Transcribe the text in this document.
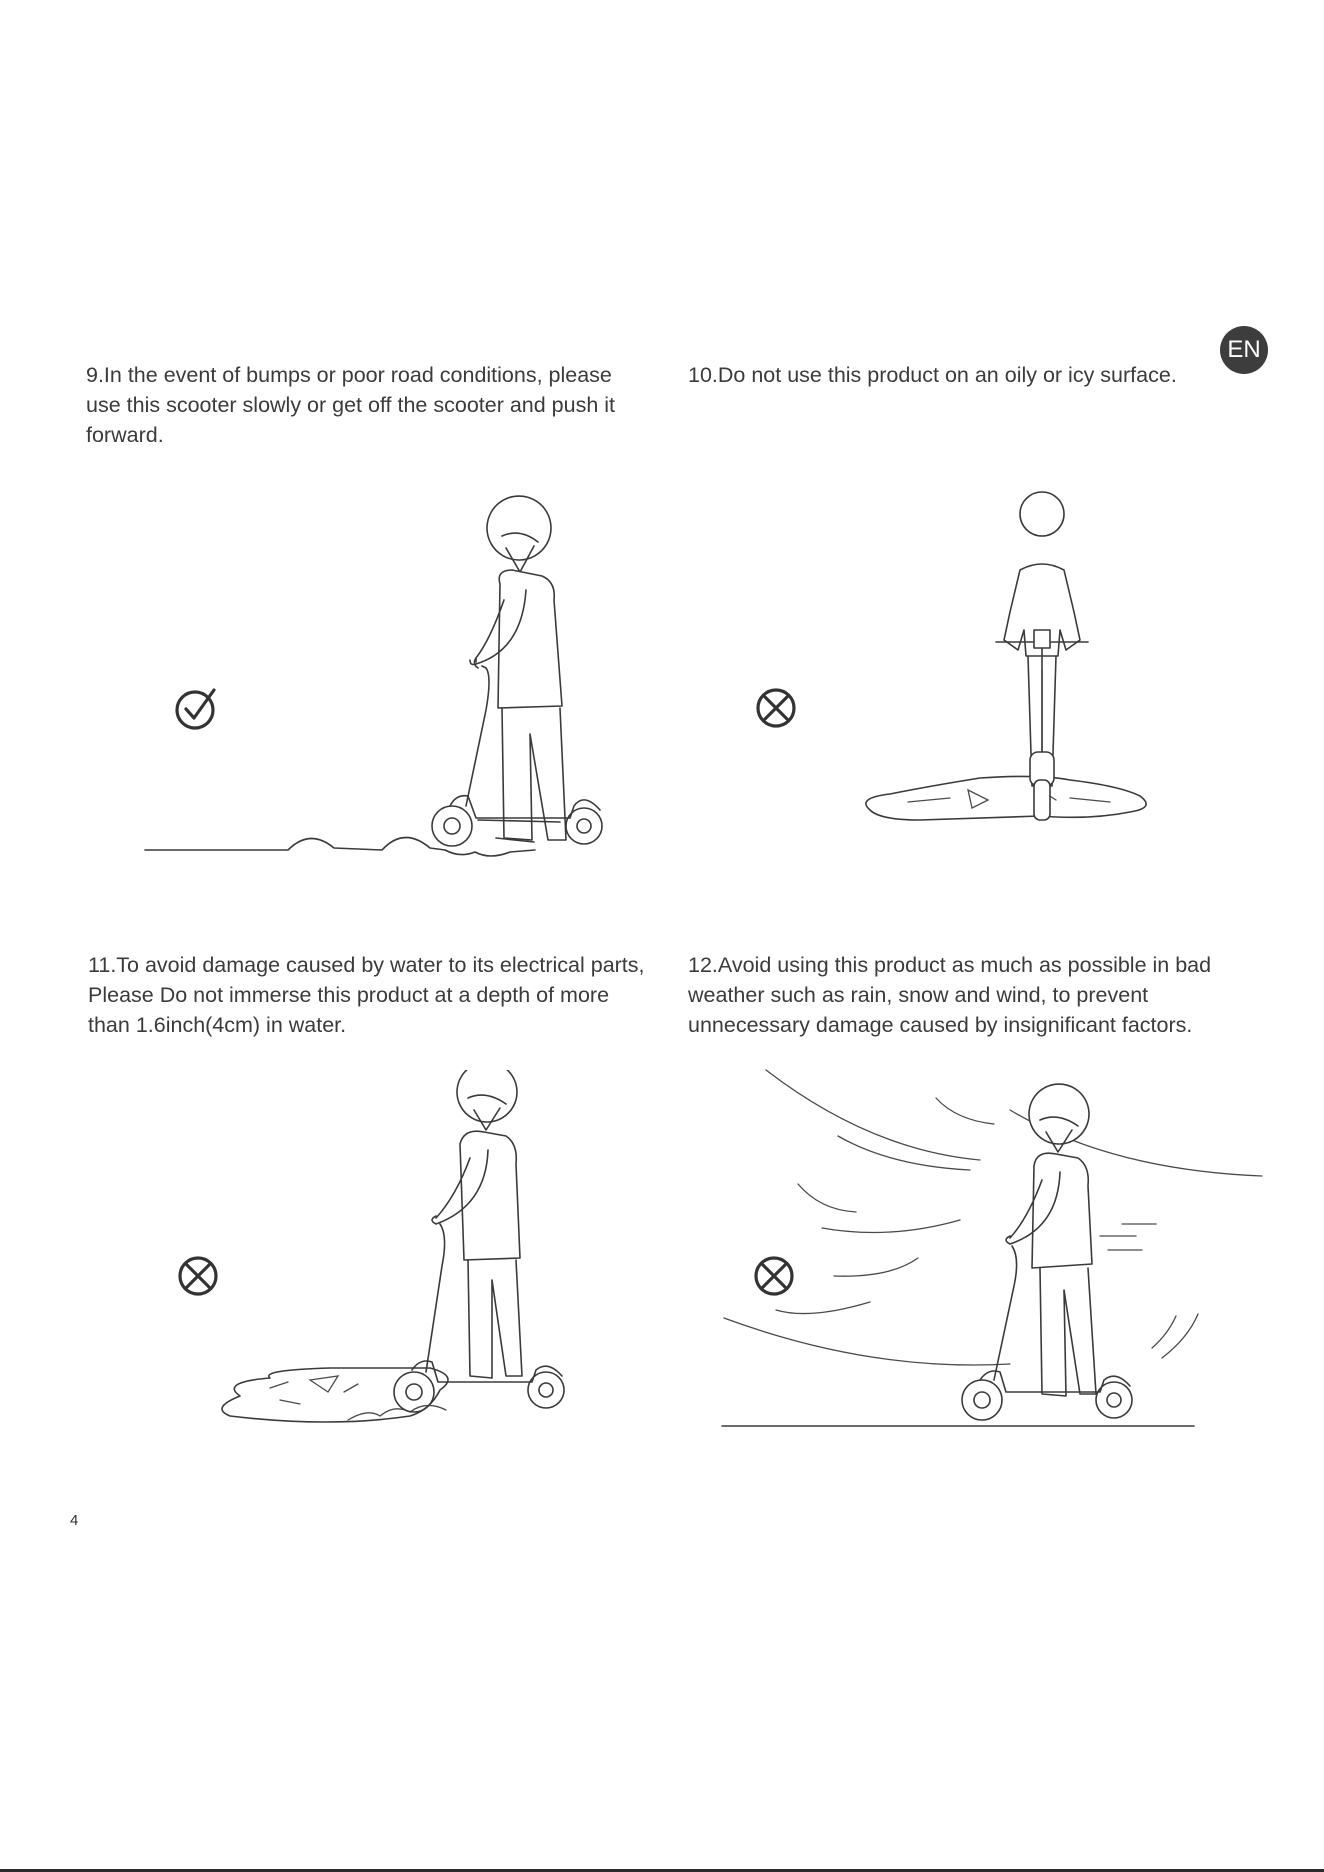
EN

9.In the event of bumps or poor road conditions, please use this scooter slowly or get off the scooter and push it forward.

10.Do not use this product on an oily or icy surface.

11.To avoid damage caused by water to its electrical parts, Please Do not immerse this product at a depth of more than 1.6inch(4cm) in water.

12.Avoid using this product as much as possible in bad weather such as rain, snow and wind, to prevent unnecessary damage caused by insignificant factors.

4
